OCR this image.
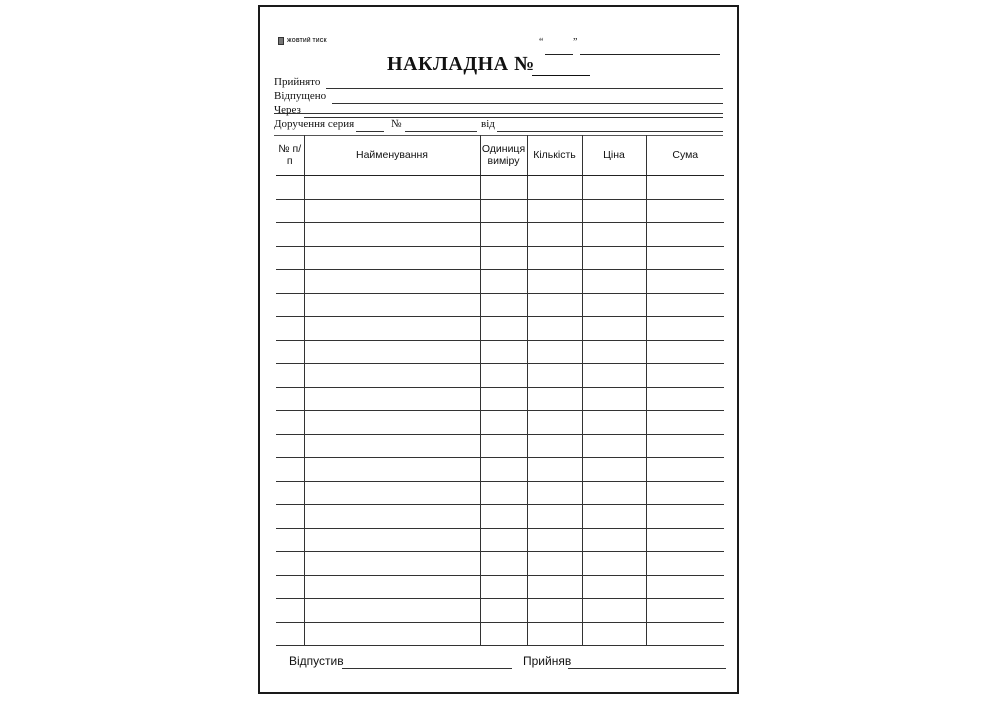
ЖОВТИЙ ТИСК	“	”
НАКЛАДНА №
Прийнято
Відпущено
Через
Доручення серия	№	від
№ п/п	Найменування	Одиниця виміру	Кількість	Ціна	Сума

Відпустив	Прийняв
